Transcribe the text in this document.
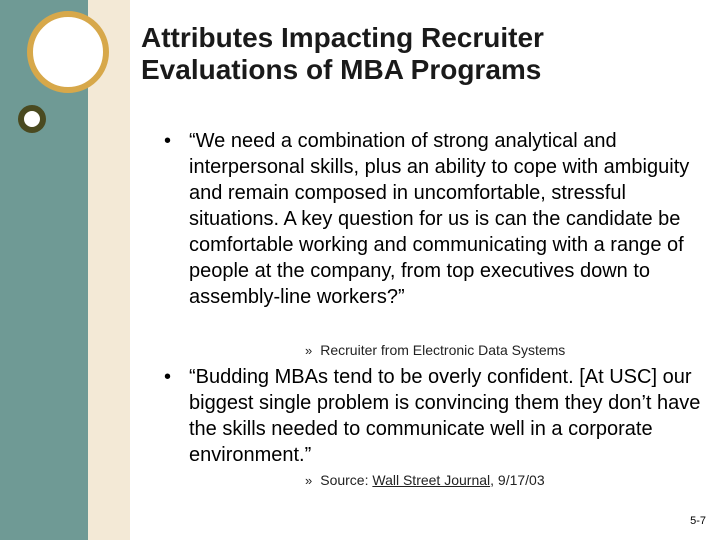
Attributes Impacting Recruiter
Evaluations of MBA Programs
• “We need a combination of strong analytical and interpersonal skills, plus an ability to cope with ambiguity and remain composed in uncomfortable, stressful situations. A key question for us is can the candidate be comfortable working and communicating with a range of people at the company, from top executives down to assembly-line workers?”
» Recruiter from Electronic Data Systems
• “Budding MBAs tend to be overly confident. [At USC] our biggest single problem is convincing them they don’t have the skills needed to communicate well in a corporate environment.”
» Source: Wall Street Journal, 9/17/03
5-7
